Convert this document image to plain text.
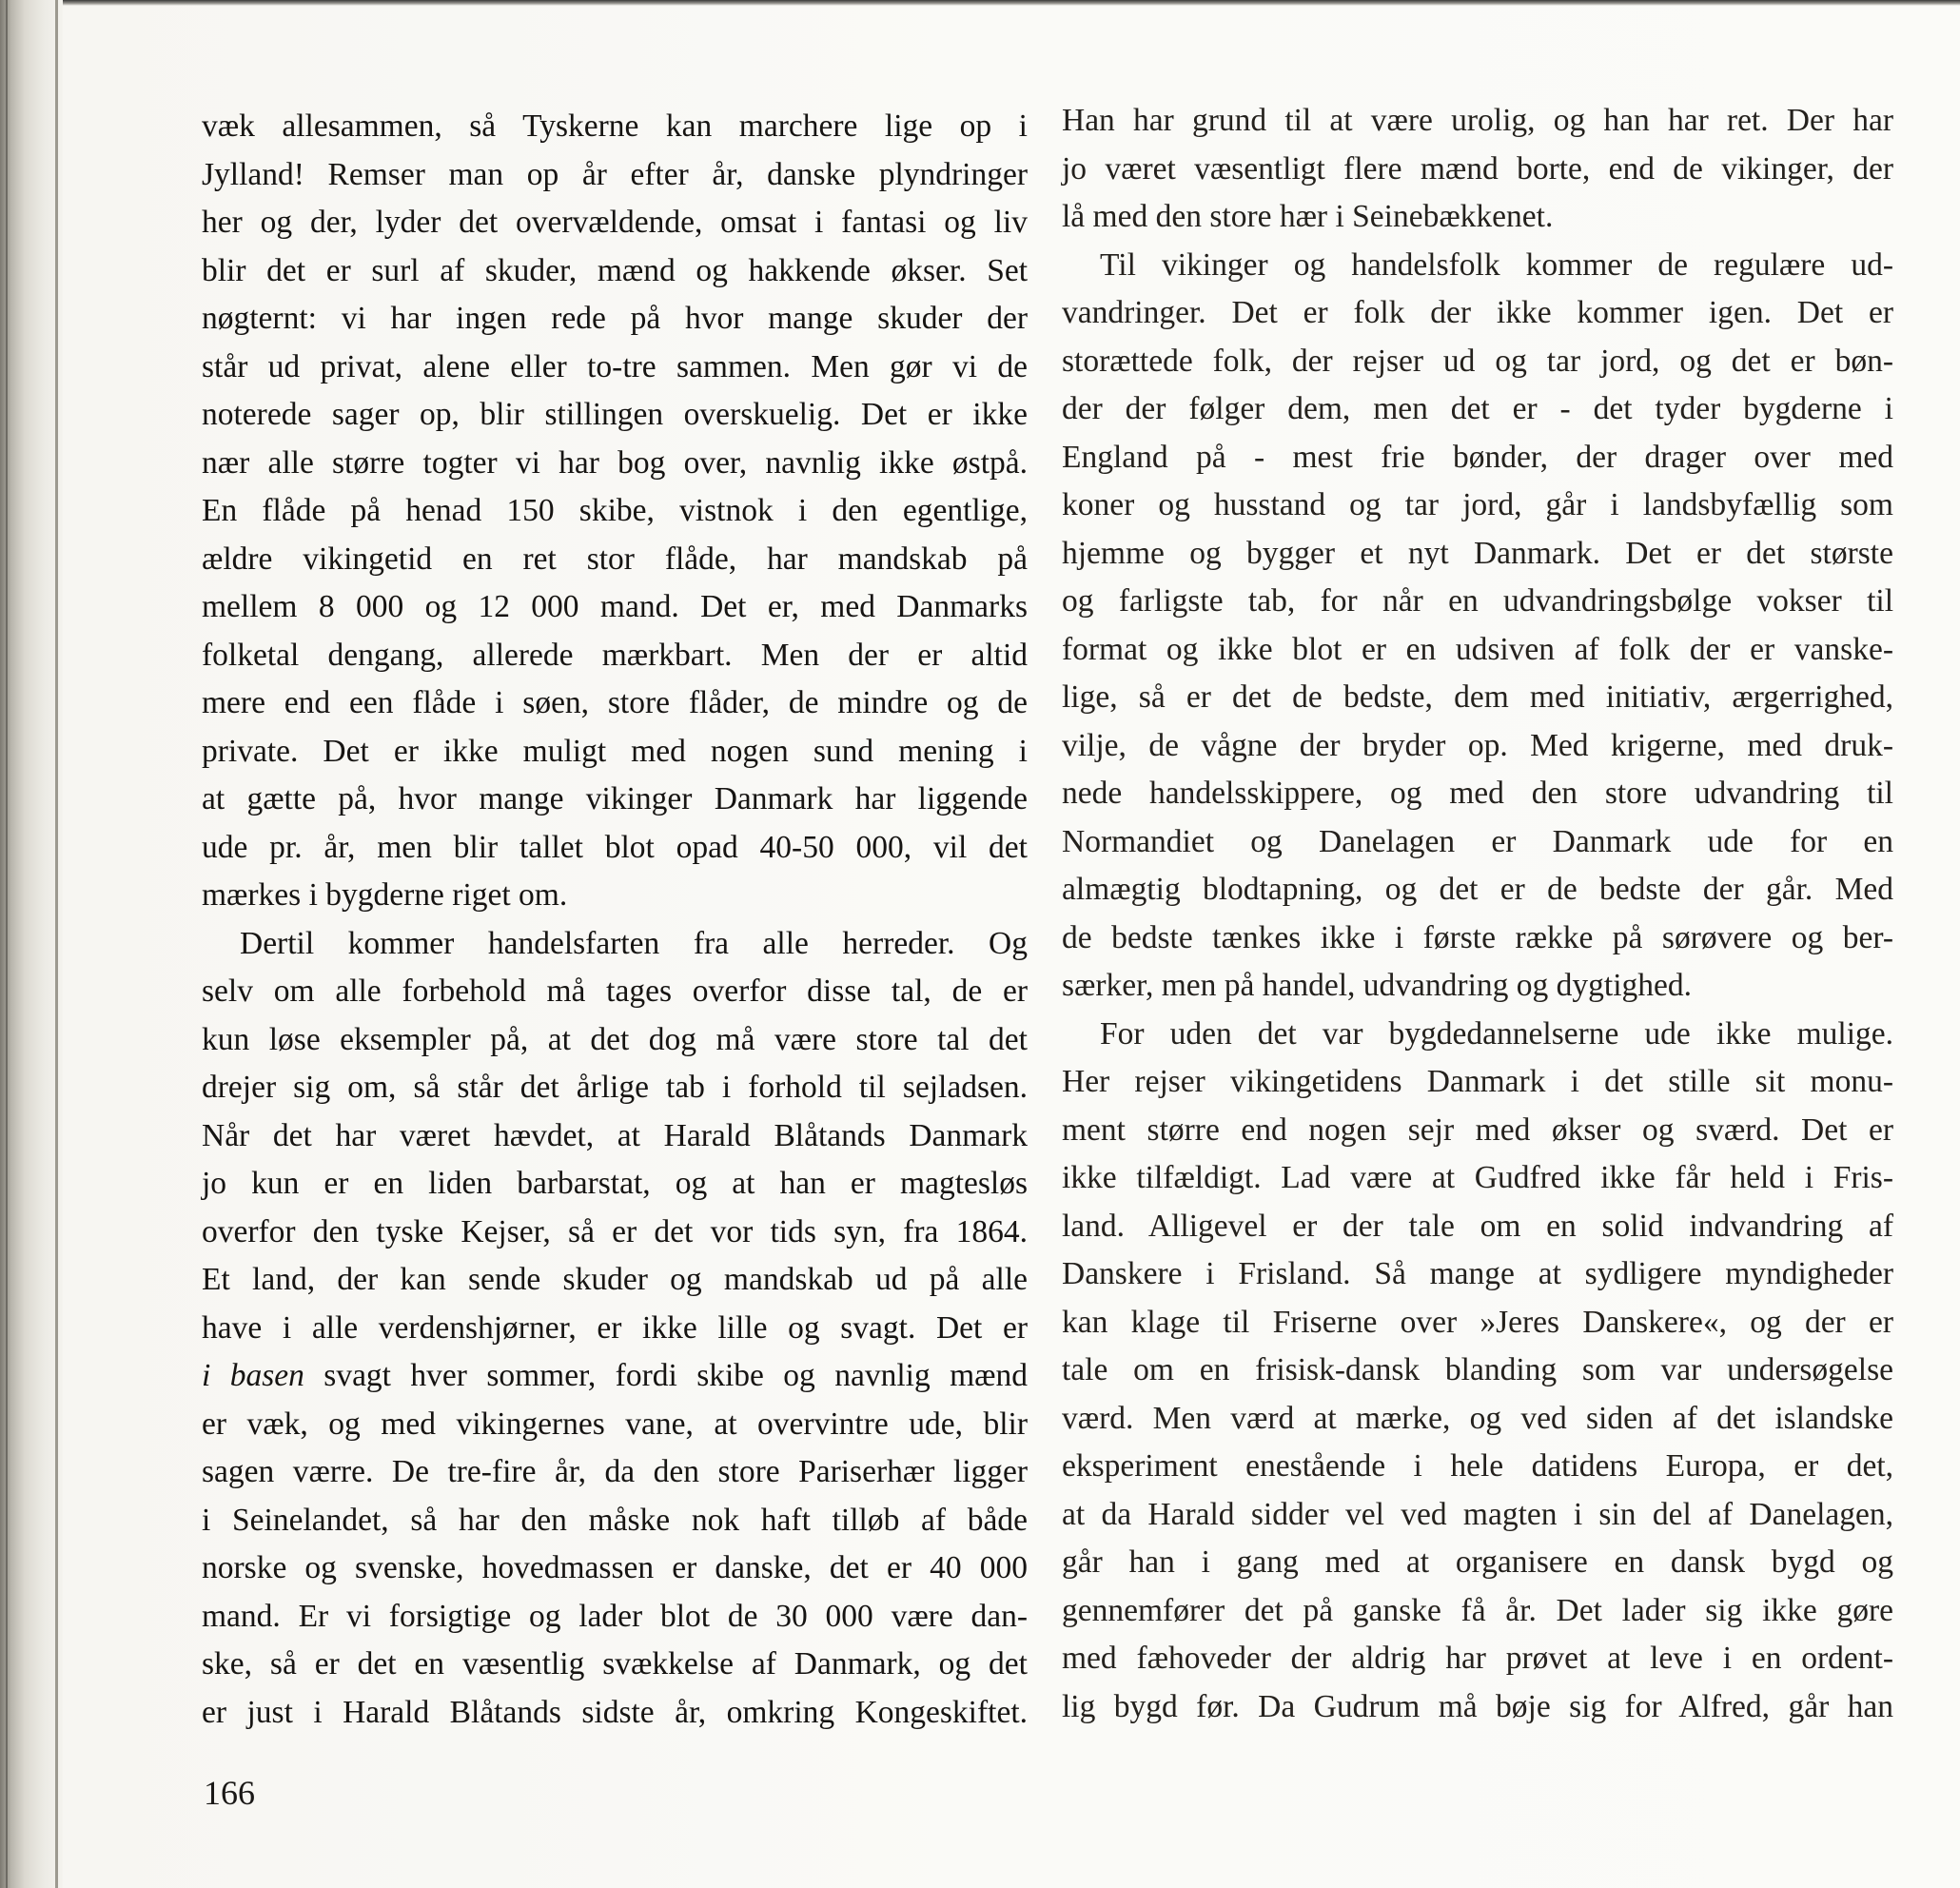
væk allesammen, så Tyskerne kan marchere lige op i
Jylland! Remser man op år efter år, danske plyndringer
her og der, lyder det overvældende, omsat i fantasi og liv
blir det er surl af skuder, mænd og hakkende økser. Set
nøgternt: vi har ingen rede på hvor mange skuder der
står ud privat, alene eller to-tre sammen. Men gør vi de
noterede sager op, blir stillingen overskuelig. Det er ikke
nær alle større togter vi har bog over, navnlig ikke østpå.
En flåde på henad 150 skibe, vistnok i den egentlige,
ældre vikingetid en ret stor flåde, har mandskab på
mellem 8 000 og 12 000 mand. Det er, med Danmarks
folketal dengang, allerede mærkbart. Men der er altid
mere end een flåde i søen, store flåder, de mindre og de
private. Det er ikke muligt med nogen sund mening i
at gætte på, hvor mange vikinger Danmark har liggende
ude pr. år, men blir tallet blot opad 40-50 000, vil det
mærkes i bygderne riget om.
Dertil kommer handelsfarten fra alle herreder. Og
selv om alle forbehold må tages overfor disse tal, de er
kun løse eksempler på, at det dog må være store tal det
drejer sig om, så står det årlige tab i forhold til sejladsen.
Når det har været hævdet, at Harald Blåtands Danmark
jo kun er en liden barbarstat, og at han er magtesløs
overfor den tyske Kejser, så er det vor tids syn, fra 1864.
Et land, der kan sende skuder og mandskab ud på alle
have i alle verdenshjørner, er ikke lille og svagt. Det er
i basen svagt hver sommer, fordi skibe og navnlig mænd
er væk, og med vikingernes vane, at overvintre ude, blir
sagen værre. De tre-fire år, da den store Pariserhær ligger
i Seinelandet, så har den måske nok haft tilløb af både
norske og svenske, hovedmassen er danske, det er 40 000
mand. Er vi forsigtige og lader blot de 30 000 være dan-
ske, så er det en væsentlig svækkelse af Danmark, og det
er just i Harald Blåtands sidste år, omkring Kongeskiftet.
Han har grund til at være urolig, og han har ret. Der har
jo været væsentligt flere mænd borte, end de vikinger, der
lå med den store hær i Seinebækkenet.
Til vikinger og handelsfolk kommer de regulære ud-
vandringer. Det er folk der ikke kommer igen. Det er
storættede folk, der rejser ud og tar jord, og det er bøn-
der der følger dem, men det er - det tyder bygderne i
England på - mest frie bønder, der drager over med
koner og husstand og tar jord, går i landsbyfællig som
hjemme og bygger et nyt Danmark. Det er det største
og farligste tab, for når en udvandringsbølge vokser til
format og ikke blot er en udsiven af folk der er vanske-
lige, så er det de bedste, dem med initiativ, ærgerrighed,
vilje, de vågne der bryder op. Med krigerne, med druk-
nede handelsskippere, og med den store udvandring til
Normandiet og Danelagen er Danmark ude for en
almægtig blodtapning, og det er de bedste der går. Med
de bedste tænkes ikke i første række på sørøvere og ber-
særker, men på handel, udvandring og dygtighed.
For uden det var bygdedannelserne ude ikke mulige.
Her rejser vikingetidens Danmark i det stille sit monu-
ment større end nogen sejr med økser og sværd. Det er
ikke tilfældigt. Lad være at Gudfred ikke får held i Fris-
land. Alligevel er der tale om en solid indvandring af
Danskere i Frisland. Så mange at sydligere myndigheder
kan klage til Friserne over »Jeres Danskere«, og der er
tale om en frisisk-dansk blanding som var undersøgelse
værd. Men værd at mærke, og ved siden af det islandske
eksperiment enestående i hele datidens Europa, er det,
at da Harald sidder vel ved magten i sin del af Danelagen,
går han i gang med at organisere en dansk bygd og
gennemfører det på ganske få år. Det lader sig ikke gøre
med fæhoveder der aldrig har prøvet at leve i en ordent-
lig bygd før. Da Gudrum må bøje sig for Alfred, går han
166
